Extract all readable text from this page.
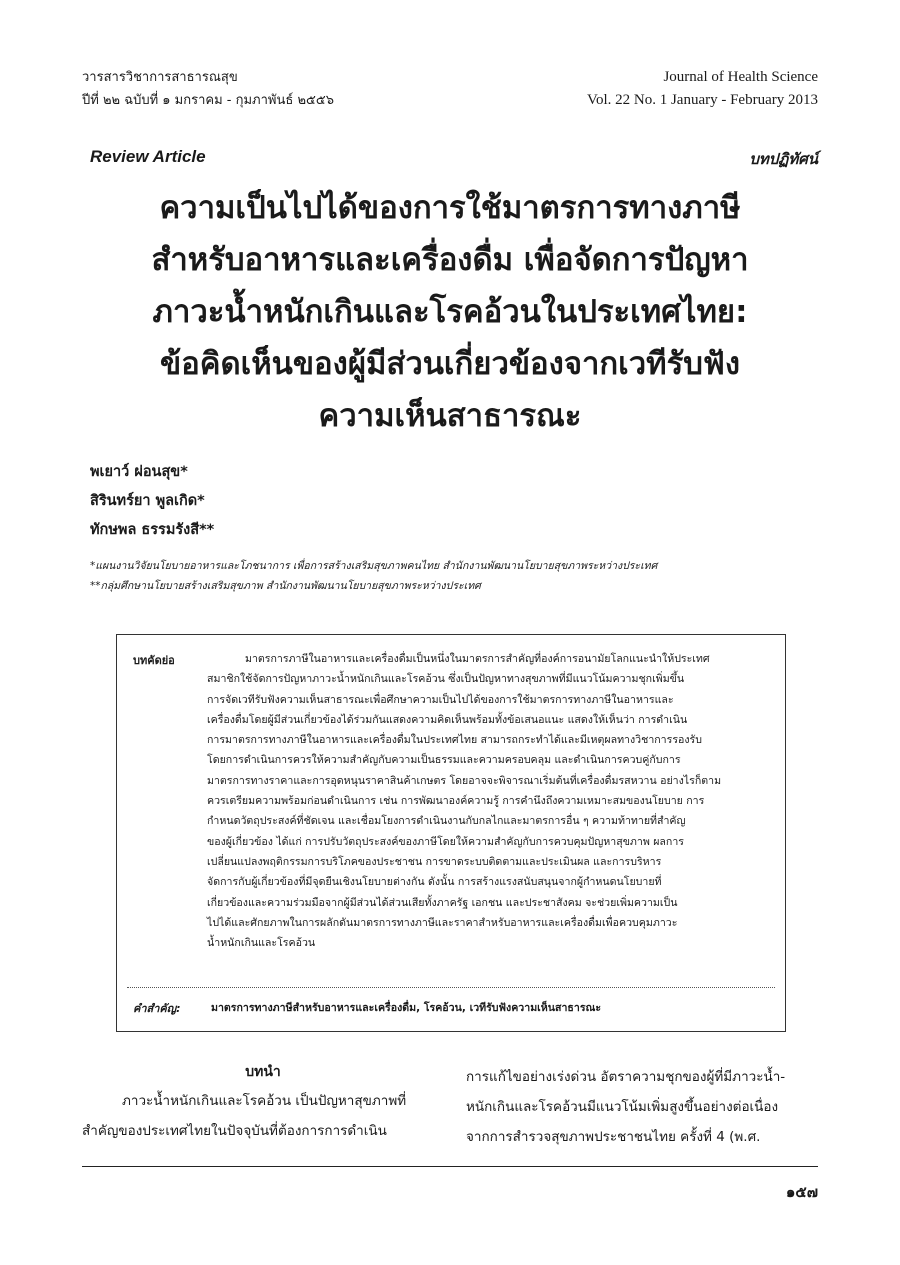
วารสารวิชาการสาธารณสุข
ปีที่ ๒๒ ฉบับที่ ๑ มกราคม - กุมภาพันธ์ ๒๕๕๖
Journal of Health Science
Vol. 22 No. 1 January - February 2013
Review Article	บทปฏิทัศน์
ความเป็นไปได้ของการใช้มาตรการทางภาษี
สำหรับอาหารและเครื่องดื่ม เพื่อจัดการปัญหา
ภาวะน้ำหนักเกินและโรคอ้วนในประเทศไทย:
ข้อคิดเห็นของผู้มีส่วนเกี่ยวข้องจากเวทีรับฟัง
ความเห็นสาธารณะ
พเยาว์ ผ่อนสุข*
สิรินทร์ยา พูลเกิด*
ทักษพล ธรรมรังสี**
*แผนงานวิจัยนโยบายอาหารและโภชนาการ เพื่อการสร้างเสริมสุขภาพคนไทย สำนักงานพัฒนานโยบายสุขภาพระหว่างประเทศ
**กลุ่มศึกษานโยบายสร้างเสริมสุขภาพ สำนักงานพัฒนานโยบายสุขภาพระหว่างประเทศ
บทคัดย่อ	มาตรการภาษีในอาหารและเครื่องดื่มเป็นหนึ่งในมาตรการสำคัญที่องค์การอนามัยโลกแนะนำให้ประเทศ
สมาชิกใช้จัดการปัญหาภาวะน้ำหนักเกินและโรคอ้วน ซึ่งเป็นปัญหาทางสุขภาพที่มีแนวโน้มความชุกเพิ่มขึ้น
การจัดเวทีรับฟังความเห็นสาธารณะเพื่อศึกษาความเป็นไปได้ของการใช้มาตรการทางภาษีในอาหารและ
เครื่องดื่มโดยผู้มีส่วนเกี่ยวข้องได้ร่วมกันแสดงความคิดเห็นพร้อมทั้งข้อเสนอแนะ แสดงให้เห็นว่า การดำเนิน
การมาตรการทางภาษีในอาหารและเครื่องดื่มในประเทศไทย สามารถกระทำได้และมีเหตุผลทางวิชาการรองรับ
โดยการดำเนินการควรให้ความสำคัญกับความเป็นธรรมและความครอบคลุม และดำเนินการควบคู่กับการ
มาตรการทางราคาและการอุดหนุนราคาสินค้าเกษตร โดยอาจจะพิจารณาเริ่มต้นที่เครื่องดื่มรสหวาน อย่างไรก็ตาม
ควรเตรียมความพร้อมก่อนดำเนินการ เช่น การพัฒนาองค์ความรู้ การคำนึงถึงความเหมาะสมของนโยบาย การ
กำหนดวัตถุประสงค์ที่ชัดเจน และเชื่อมโยงการดำเนินงานกับกลไกและมาตรการอื่น ๆ ความท้าทายที่สำคัญ
ของผู้เกี่ยวข้อง ได้แก่ การปรับวัตถุประสงค์ของภาษีโดยให้ความสำคัญกับการควบคุมปัญหาสุขภาพ ผลการ
เปลี่ยนแปลงพฤติกรรมการบริโภคของประชาชน การขาดระบบติดตามและประเมินผล และการบริหาร
จัดการกับผู้เกี่ยวข้องที่มีจุดยืนเชิงนโยบายต่างกัน ดังนั้น การสร้างแรงสนับสนุนจากผู้กำหนดนโยบายที่
เกี่ยวข้องและความร่วมมือจากผู้มีส่วนได้ส่วนเสียทั้งภาครัฐ เอกชน และประชาสังคม จะช่วยเพิ่มความเป็น
ไปได้และศักยภาพในการผลักดันมาตรการทางภาษีและราคาสำหรับอาหารและเครื่องดื่มเพื่อควบคุมภาวะ
น้ำหนักเกินและโรคอ้วน
คำสำคัญ:	มาตรการทางภาษีสำหรับอาหารและเครื่องดื่ม, โรคอ้วน, เวทีรับฟังความเห็นสาธารณะ
บทนำ

ภาวะน้ำหนักเกินและโรคอ้วน เป็นปัญหาสุขภาพที่

สำคัญของประเทศไทยในปัจจุบันที่ต้องการการดำเนิน

การแก้ไขอย่างเร่งด่วน อัตราความชุกของผู้ที่มีภาวะน้ำ-

หนักเกินและโรคอ้วนมีแนวโน้มเพิ่มสูงขึ้นอย่างต่อเนื่อง

จากการสำรวจสุขภาพประชาชนไทย ครั้งที่ 4 (พ.ศ.

๑๕๗
